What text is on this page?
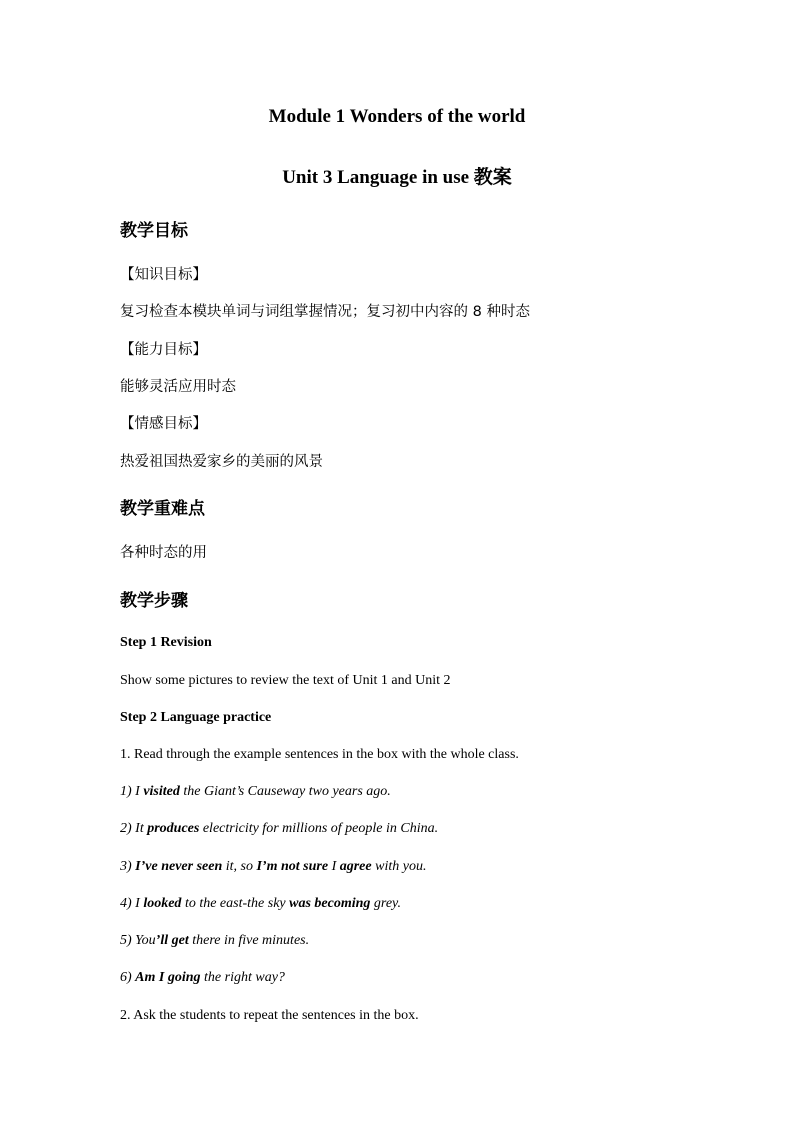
Module 1 Wonders of the world
Unit 3 Language in use 教案
教学目标
【知识目标】
复习检查本模块单词与词组掌握情况；复习初中内容的 8 种时态
【能力目标】
能够灵活应用时态
【情感目标】
热爱祖国热爱家乡的美丽的风景
教学重难点
各种时态的用
教学步骤
Step 1 Revision
Show some pictures to review the text of Unit 1 and Unit 2
Step 2 Language practice
1. Read through the example sentences in the box with the whole class.
1) I visited the Giant’s Causeway two years ago.
2) It produces electricity for millions of people in China.
3) I’ve never seen it, so I’m not sure I agree with you.
4) I looked to the east-the sky was becoming grey.
5) You’ll get there in five minutes.
6) Am I going the right way?
2. Ask the students to repeat the sentences in the box.
